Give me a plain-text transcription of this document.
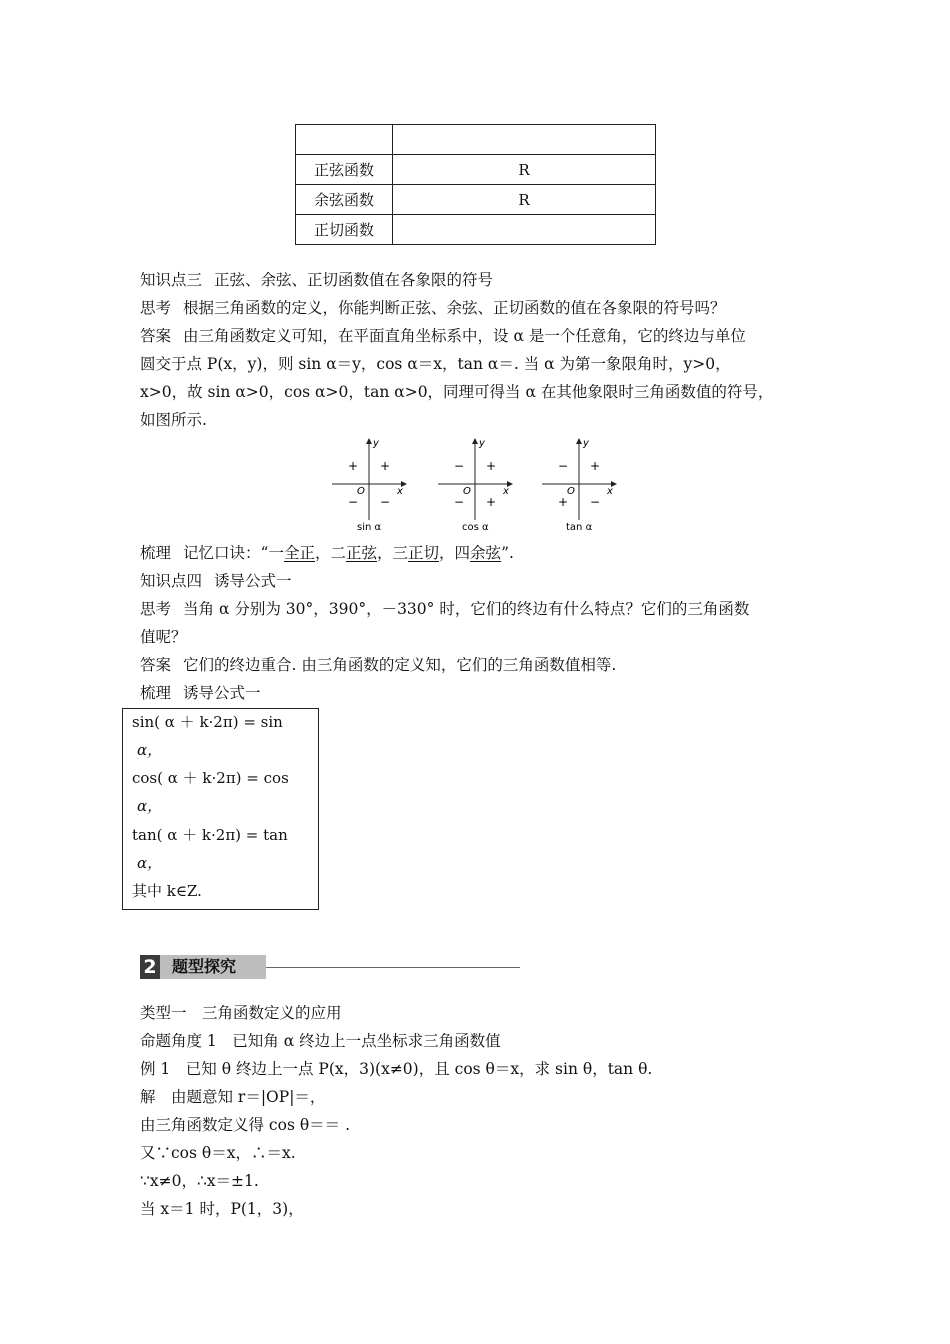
正弦函数	R
余弦函数	R
正切函数	
知识点三 正弦、余弦、正切函数值在各象限的符号
思考 根据三角函数的定义，你能判断正弦、余弦、正切函数的值在各象限的符号吗？
答案 由三角函数定义可知，在平面直角坐标系中，设 α 是一个任意角，它的终边与单位
圆交于点 P(x，y)，则 sin α＝y，cos α＝x，tan α＝. 当 α 为第一象限角时，y>0，
x>0，故 sin α>0，cos α>0，tan α>0，同理可得当 α 在其他象限时三角函数值的符号，
如图所示.
y
x
O
+
+
− −
sin α
y
x
O
+
−
− +
cos α
y
x
O
+
−
+ −
tan α
梳理 记忆口诀：“一全正，二正弦，三正切，四余弦”.
知识点四 诱导公式一
思考 当角 α 分别为 30°，390°，－330° 时，它们的终边有什么特点？它们的三角函数
值呢？
答案 它们的终边重合. 由三角函数的定义知，它们的三角函数值相等.
梳理 诱导公式一
sin( α ＋ k·2π) = sin
α，
cos( α ＋ k·2π) = cos
α，
tan( α ＋ k·2π) = tan
α，
其中 k∈Z.
2 题型探究
类型一　三角函数定义的应用
命题角度 1　已知角 α 终边上一点坐标求三角函数值
例 1　已知 θ 终边上一点 P(x，3)(x≠0)，且 cos θ＝x，求 sin θ，tan θ.
解　由题意知 r＝|OP|＝，
由三角函数定义得 cos θ＝＝ .
又∵cos θ＝x，∴＝x.
∵x≠0，∴x＝±1.
当 x＝1 时，P(1，3)，
